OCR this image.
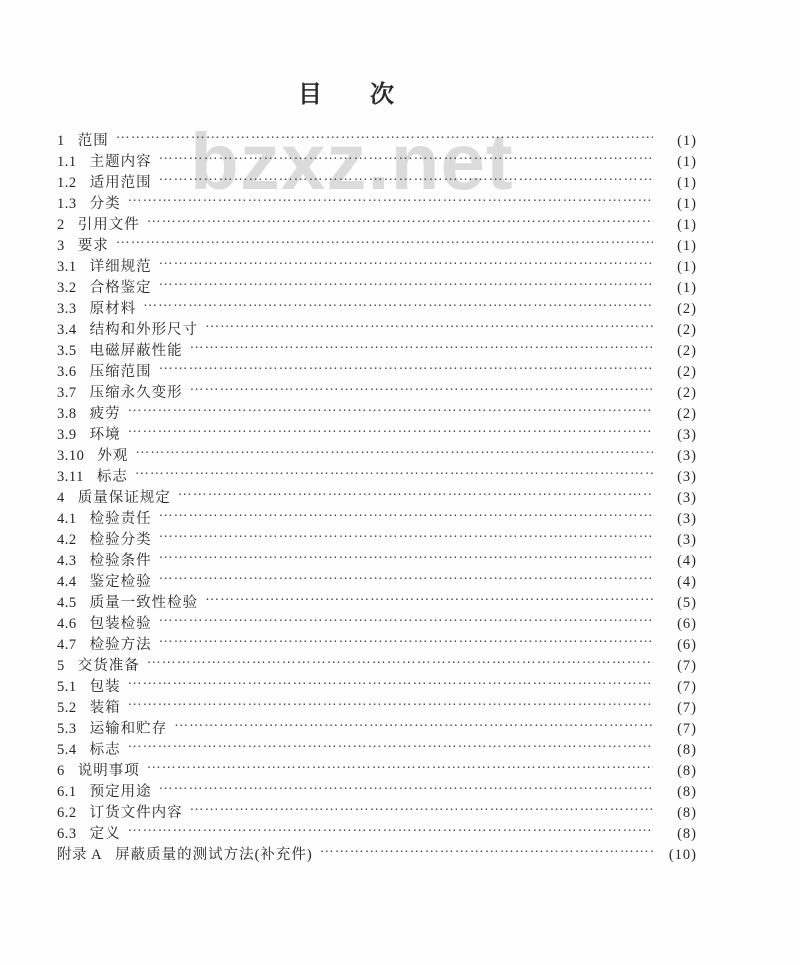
bzxz.net
目　次
1 范围 ……………………………………………………………………………………………………………………………………	(1)
1.1 主题内容 ……………………………………………………………………………………………………………………………………	(1)
1.2 适用范围 ……………………………………………………………………………………………………………………………………	(1)
1.3 分类 ……………………………………………………………………………………………………………………………………	(1)
2 引用文件 ……………………………………………………………………………………………………………………………………	(1)
3 要求 ……………………………………………………………………………………………………………………………………	(1)
3.1 详细规范 ……………………………………………………………………………………………………………………………………	(1)
3.2 合格鉴定 ……………………………………………………………………………………………………………………………………	(1)
3.3 原材料 ……………………………………………………………………………………………………………………………………	(2)
3.4 结构和外形尺寸 ……………………………………………………………………………………………………………………………………	(2)
3.5 电磁屏蔽性能 ……………………………………………………………………………………………………………………………………	(2)
3.6 压缩范围 ……………………………………………………………………………………………………………………………………	(2)
3.7 压缩永久变形 ……………………………………………………………………………………………………………………………………	(2)
3.8 疲劳 ……………………………………………………………………………………………………………………………………	(2)
3.9 环境 ……………………………………………………………………………………………………………………………………	(3)
3.10 外观 ……………………………………………………………………………………………………………………………………	(3)
3.11 标志 ……………………………………………………………………………………………………………………………………	(3)
4 质量保证规定 ……………………………………………………………………………………………………………………………………	(3)
4.1 检验责任 ……………………………………………………………………………………………………………………………………	(3)
4.2 检验分类 ……………………………………………………………………………………………………………………………………	(3)
4.3 检验条件 ……………………………………………………………………………………………………………………………………	(4)
4.4 鉴定检验 ……………………………………………………………………………………………………………………………………	(4)
4.5 质量一致性检验 ……………………………………………………………………………………………………………………………………	(5)
4.6 包装检验 ……………………………………………………………………………………………………………………………………	(6)
4.7 检验方法 ……………………………………………………………………………………………………………………………………	(6)
5 交货准备 ……………………………………………………………………………………………………………………………………	(7)
5.1 包装 ……………………………………………………………………………………………………………………………………	(7)
5.2 装箱 ……………………………………………………………………………………………………………………………………	(7)
5.3 运输和贮存 ……………………………………………………………………………………………………………………………………	(7)
5.4 标志 ……………………………………………………………………………………………………………………………………	(8)
6 说明事项 ……………………………………………………………………………………………………………………………………	(8)
6.1 预定用途 ……………………………………………………………………………………………………………………………………	(8)
6.2 订货文件内容 ……………………………………………………………………………………………………………………………………	(8)
6.3 定义 ……………………………………………………………………………………………………………………………………	(8)
附录 A 屏蔽质量的测试方法(补充件) ……………………………………………………………………………………………………………………………………	(10)
